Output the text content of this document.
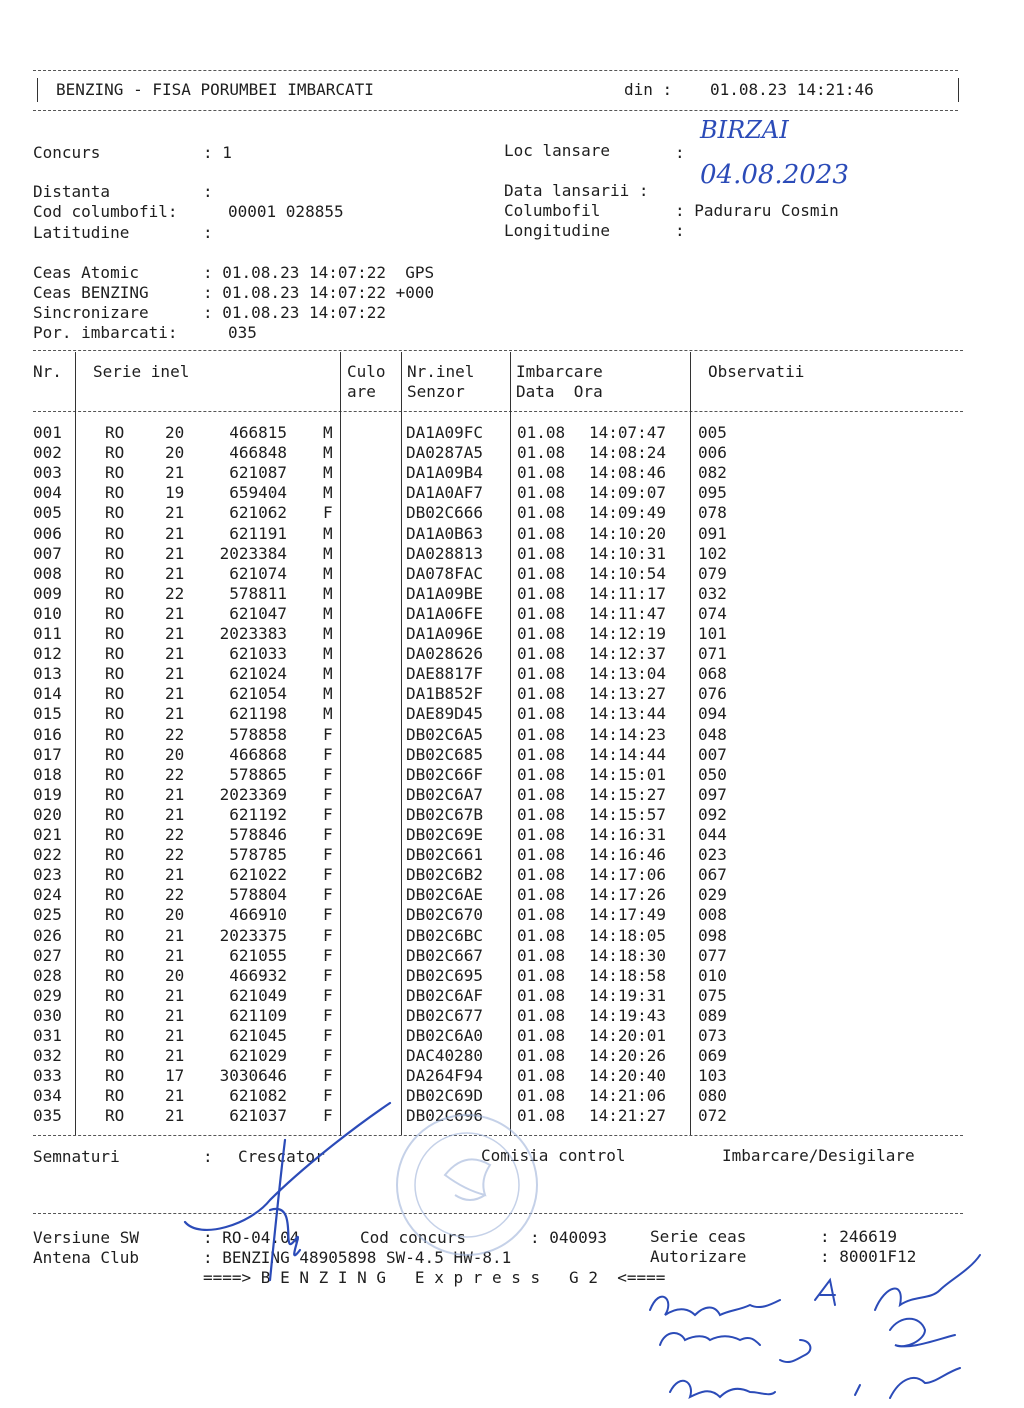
BENZING - FISA PORUMBEI IMBARCATI	din : 01.08.23 14:21:46
Concurs	: 1	Loc lansare	:
BIRZAI
Distanta	:	Data lansarii :
04.08.2023
Cod columbofil:	00001 028855	Columbofil	: Paduraru Cosmin
Latitudine	:	Longitudine	:
Ceas Atomic	: 01.08.23 14:07:22  GPS
Ceas BENZING	: 01.08.23 14:07:22 +000
Sincronizare	: 01.08.23 14:07:22
Por. imbarcati:	035
Nr. Serie inel	Culo
are
Nr.inel
Senzor
Imbarcare
Data  Ora
Observatii
001	RO	20	466815 M	DA1A09FC 01.08 14:07:47 005
002	RO	20	466848 M	DA0287A5 01.08 14:08:24 006
003	RO	21	621087 M	DA1A09B4 01.08 14:08:46 082
004	RO	19	659404 M	DA1A0AF7 01.08 14:09:07 095
005	RO	21	621062 F	DB02C666 01.08 14:09:49 078
006	RO	21	621191 M	DA1A0B63 01.08 14:10:20 091
007	RO	21	2023384 M	DA028813 01.08 14:10:31 102
008	RO	21	621074 M	DA078FAC 01.08 14:10:54 079
009	RO	22	578811 M	DA1A09BE 01.08 14:11:17 032
010	RO	21	621047 M	DA1A06FE 01.08 14:11:47 074
011	RO	21	2023383 M	DA1A096E 01.08 14:12:19 101
012	RO	21	621033 M	DA028626 01.08 14:12:37 071
013	RO	21	621024 M	DAE8817F 01.08 14:13:04 068
014	RO	21	621054 M	DA1B852F 01.08 14:13:27 076
015	RO	21	621198 M	DAE89D45 01.08 14:13:44 094
016	RO	22	578858 F	DB02C6A5 01.08 14:14:23 048
017	RO	20	466868 F	DB02C685 01.08 14:14:44 007
018	RO	22	578865 F	DB02C66F 01.08 14:15:01 050
019	RO	21	2023369 F	DB02C6A7 01.08 14:15:27 097
020	RO	21	621192 F	DB02C67B 01.08 14:15:57 092
021	RO	22	578846 F	DB02C69E 01.08 14:16:31 044
022	RO	22	578785 F	DB02C661 01.08 14:16:46 023
023	RO	21	621022 F	DB02C6B2 01.08 14:17:06 067
024	RO	22	578804 F	DB02C6AE 01.08 14:17:26 029
025	RO	20	466910 F	DB02C670 01.08 14:17:49 008
026	RO	21	2023375 F	DB02C6BC 01.08 14:18:05 098
027	RO	21	621055 F	DB02C667 01.08 14:18:30 077
028	RO	20	466932 F	DB02C695 01.08 14:18:58 010
029	RO	21	621049 F	DB02C6AF 01.08 14:19:31 075
030	RO	21	621109 F	DB02C677 01.08 14:19:43 089
031	RO	21	621045 F	DB02C6A0 01.08 14:20:01 073
032	RO	21	621029 F	DAC40280 01.08 14:20:26 069
033	RO	17	3030646 F	DA264F94 01.08 14:20:40 103
034	RO	21	621082 F	DB02C69D 01.08 14:21:06 080
035	RO	21	621037 F	DB02C696 01.08 14:21:27 072
Semnaturi	: Crescator	Comisia control	Imbarcare/Desigilare
Versiune SW	: RO-04.04	Cod concurs	: 040093	Serie ceas	: 246619
Antena Club	: BENZING 48905898 SW-4.5 HW-8.1	Autorizare	: 80001F12
====> B E N Z I N G   E x p r e s s   G 2  <====
